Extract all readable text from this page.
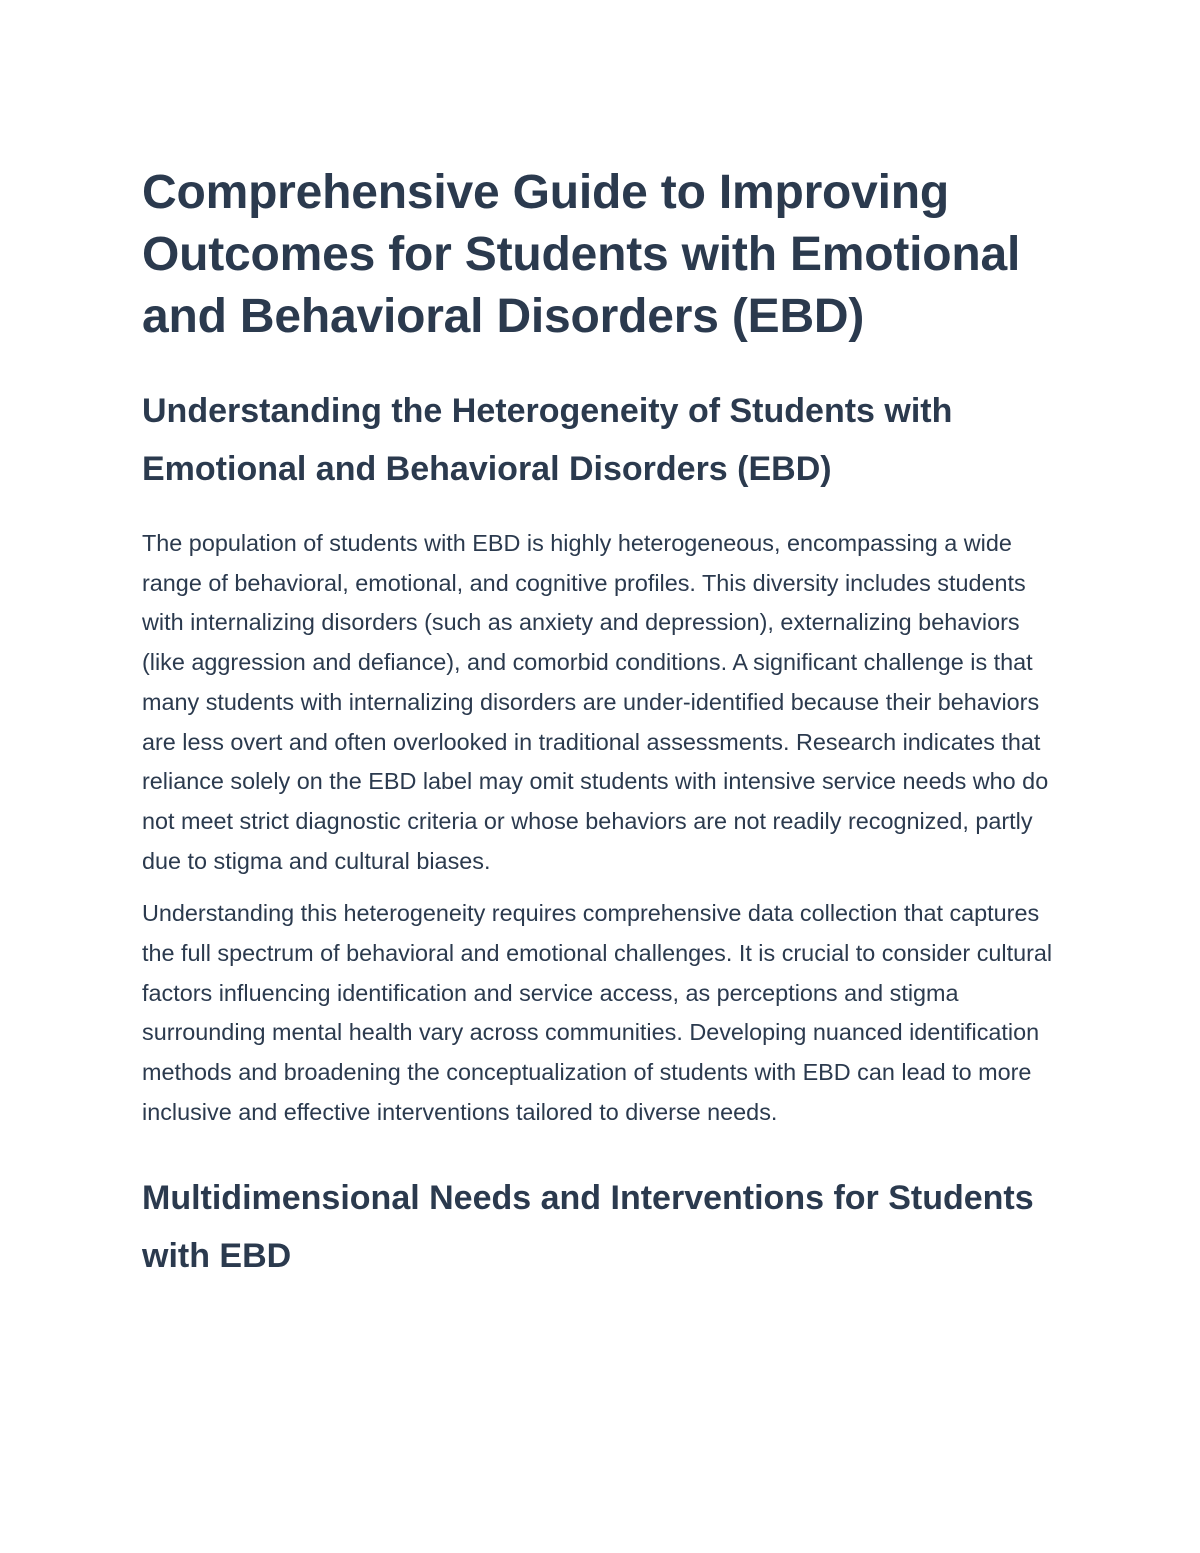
Comprehensive Guide to Improving Outcomes for Students with Emotional and Behavioral Disorders (EBD)
Understanding the Heterogeneity of Students with Emotional and Behavioral Disorders (EBD)

The population of students with EBD is highly heterogeneous, encompassing a wide range of behavioral, emotional, and cognitive profiles. This diversity includes students with internalizing disorders (such as anxiety and depression), externalizing behaviors (like aggression and defiance), and comorbid conditions. A significant challenge is that many students with internalizing disorders are under-identified because their behaviors are less overt and often overlooked in traditional assessments. Research indicates that reliance solely on the EBD label may omit students with intensive service needs who do not meet strict diagnostic criteria or whose behaviors are not readily recognized, partly due to stigma and cultural biases.

Understanding this heterogeneity requires comprehensive data collection that captures the full spectrum of behavioral and emotional challenges. It is crucial to consider cultural factors influencing identification and service access, as perceptions and stigma surrounding mental health vary across communities. Developing nuanced identification methods and broadening the conceptualization of students with EBD can lead to more inclusive and effective interventions tailored to diverse needs.

Multidimensional Needs and Interventions for Students with EBD
